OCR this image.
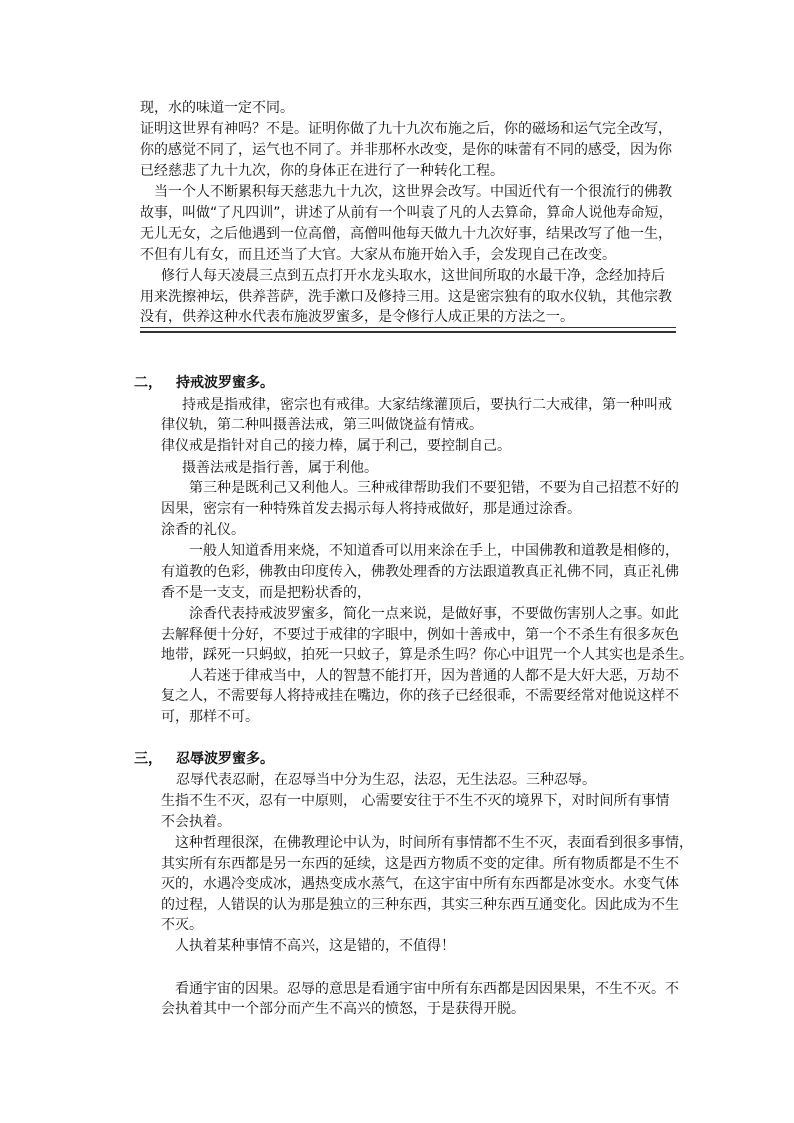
现，水的味道一定不同。
证明这世界有神吗？不是。证明你做了九十九次布施之后，你的磁场和运气完全改写，
你的感觉不同了，运气也不同了。并非那杯水改变，是你的味蕾有不同的感受，因为你
已经慈悲了九十九次，你的身体正在进行了一种转化工程。
当一个人不断累积每天慈悲九十九次，这世界会改写。中国近代有一个很流行的佛教
故事，叫做“了凡四训”，讲述了从前有一个叫袁了凡的人去算命，算命人说他寿命短，
无儿无女，之后他遇到一位高僧，高僧叫他每天做九十九次好事，结果改写了他一生，
不但有儿有女，而且还当了大官。大家从布施开始入手，会发现自己在改变。
修行人每天凌晨三点到五点打开水龙头取水，这世间所取的水最干净，念经加持后
用来洗擦神坛，供养菩萨，洗手漱口及修持三用。这是密宗独有的取水仪轨，其他宗教
没有，供养这种水代表布施波罗蜜多，是令修行人成正果的方法之一。
二， 持戒波罗蜜多。
持戒是指戒律，密宗也有戒律。大家结缘灌顶后，要执行二大戒律，第一种叫戒
律仪轨，第二种叫摄善法戒，第三叫做饶益有情戒。
律仪戒是指针对自己的接力棒，属于利己，要控制自己。
摄善法戒是指行善，属于利他。
第三种是既利己又利他人。三种戒律帮助我们不要犯错，不要为自己招惹不好的
因果，密宗有一种特殊首发去揭示每人将持戒做好，那是通过涂香。
涂香的礼仪。
一般人知道香用来烧，不知道香可以用来涂在手上，中国佛教和道教是相修的，
有道教的色彩，佛教由印度传入，佛教处理香的方法跟道教真正礼佛不同，真正礼佛
香不是一支支，而是把粉状香的，
涂香代表持戒波罗蜜多，简化一点来说，是做好事，不要做伤害别人之事。如此
去解释便十分好，不要过于戒律的字眼中，例如十善戒中，第一个不杀生有很多灰色
地带，踩死一只蚂蚁，拍死一只蚊子，算是杀生吗？你心中诅咒一个人其实也是杀生。
人若迷于律戒当中，人的智慧不能打开，因为普通的人都不是大奸大恶，万劫不
复之人，不需要每人将持戒挂在嘴边，你的孩子已经很乖，不需要经常对他说这样不
可，那样不可。
三， 忍辱波罗蜜多。
忍辱代表忍耐，在忍辱当中分为生忍，法忍，无生法忍。三种忍辱。
生指不生不灭，忍有一中原则， 心需要安往于不生不灭的境界下，对时间所有事情
不会执着。
这种哲理很深，在佛教理论中认为，时间所有事情都不生不灭，表面看到很多事情，
其实所有东西都是另一东西的延续，这是西方物质不变的定律。所有物质都是不生不
灭的，水遇冷变成冰，遇热变成水蒸气，在这宇宙中所有东西都是冰变水。水变气体
的过程，人错误的认为那是独立的三种东西，其实三种东西互通变化。因此成为不生
不灭。
人执着某种事情不高兴，这是错的，不值得！
看通宇宙的因果。忍辱的意思是看通宇宙中所有东西都是因因果果，不生不灭。不
会执着其中一个部分而产生不高兴的愤怒，于是获得开脱。
